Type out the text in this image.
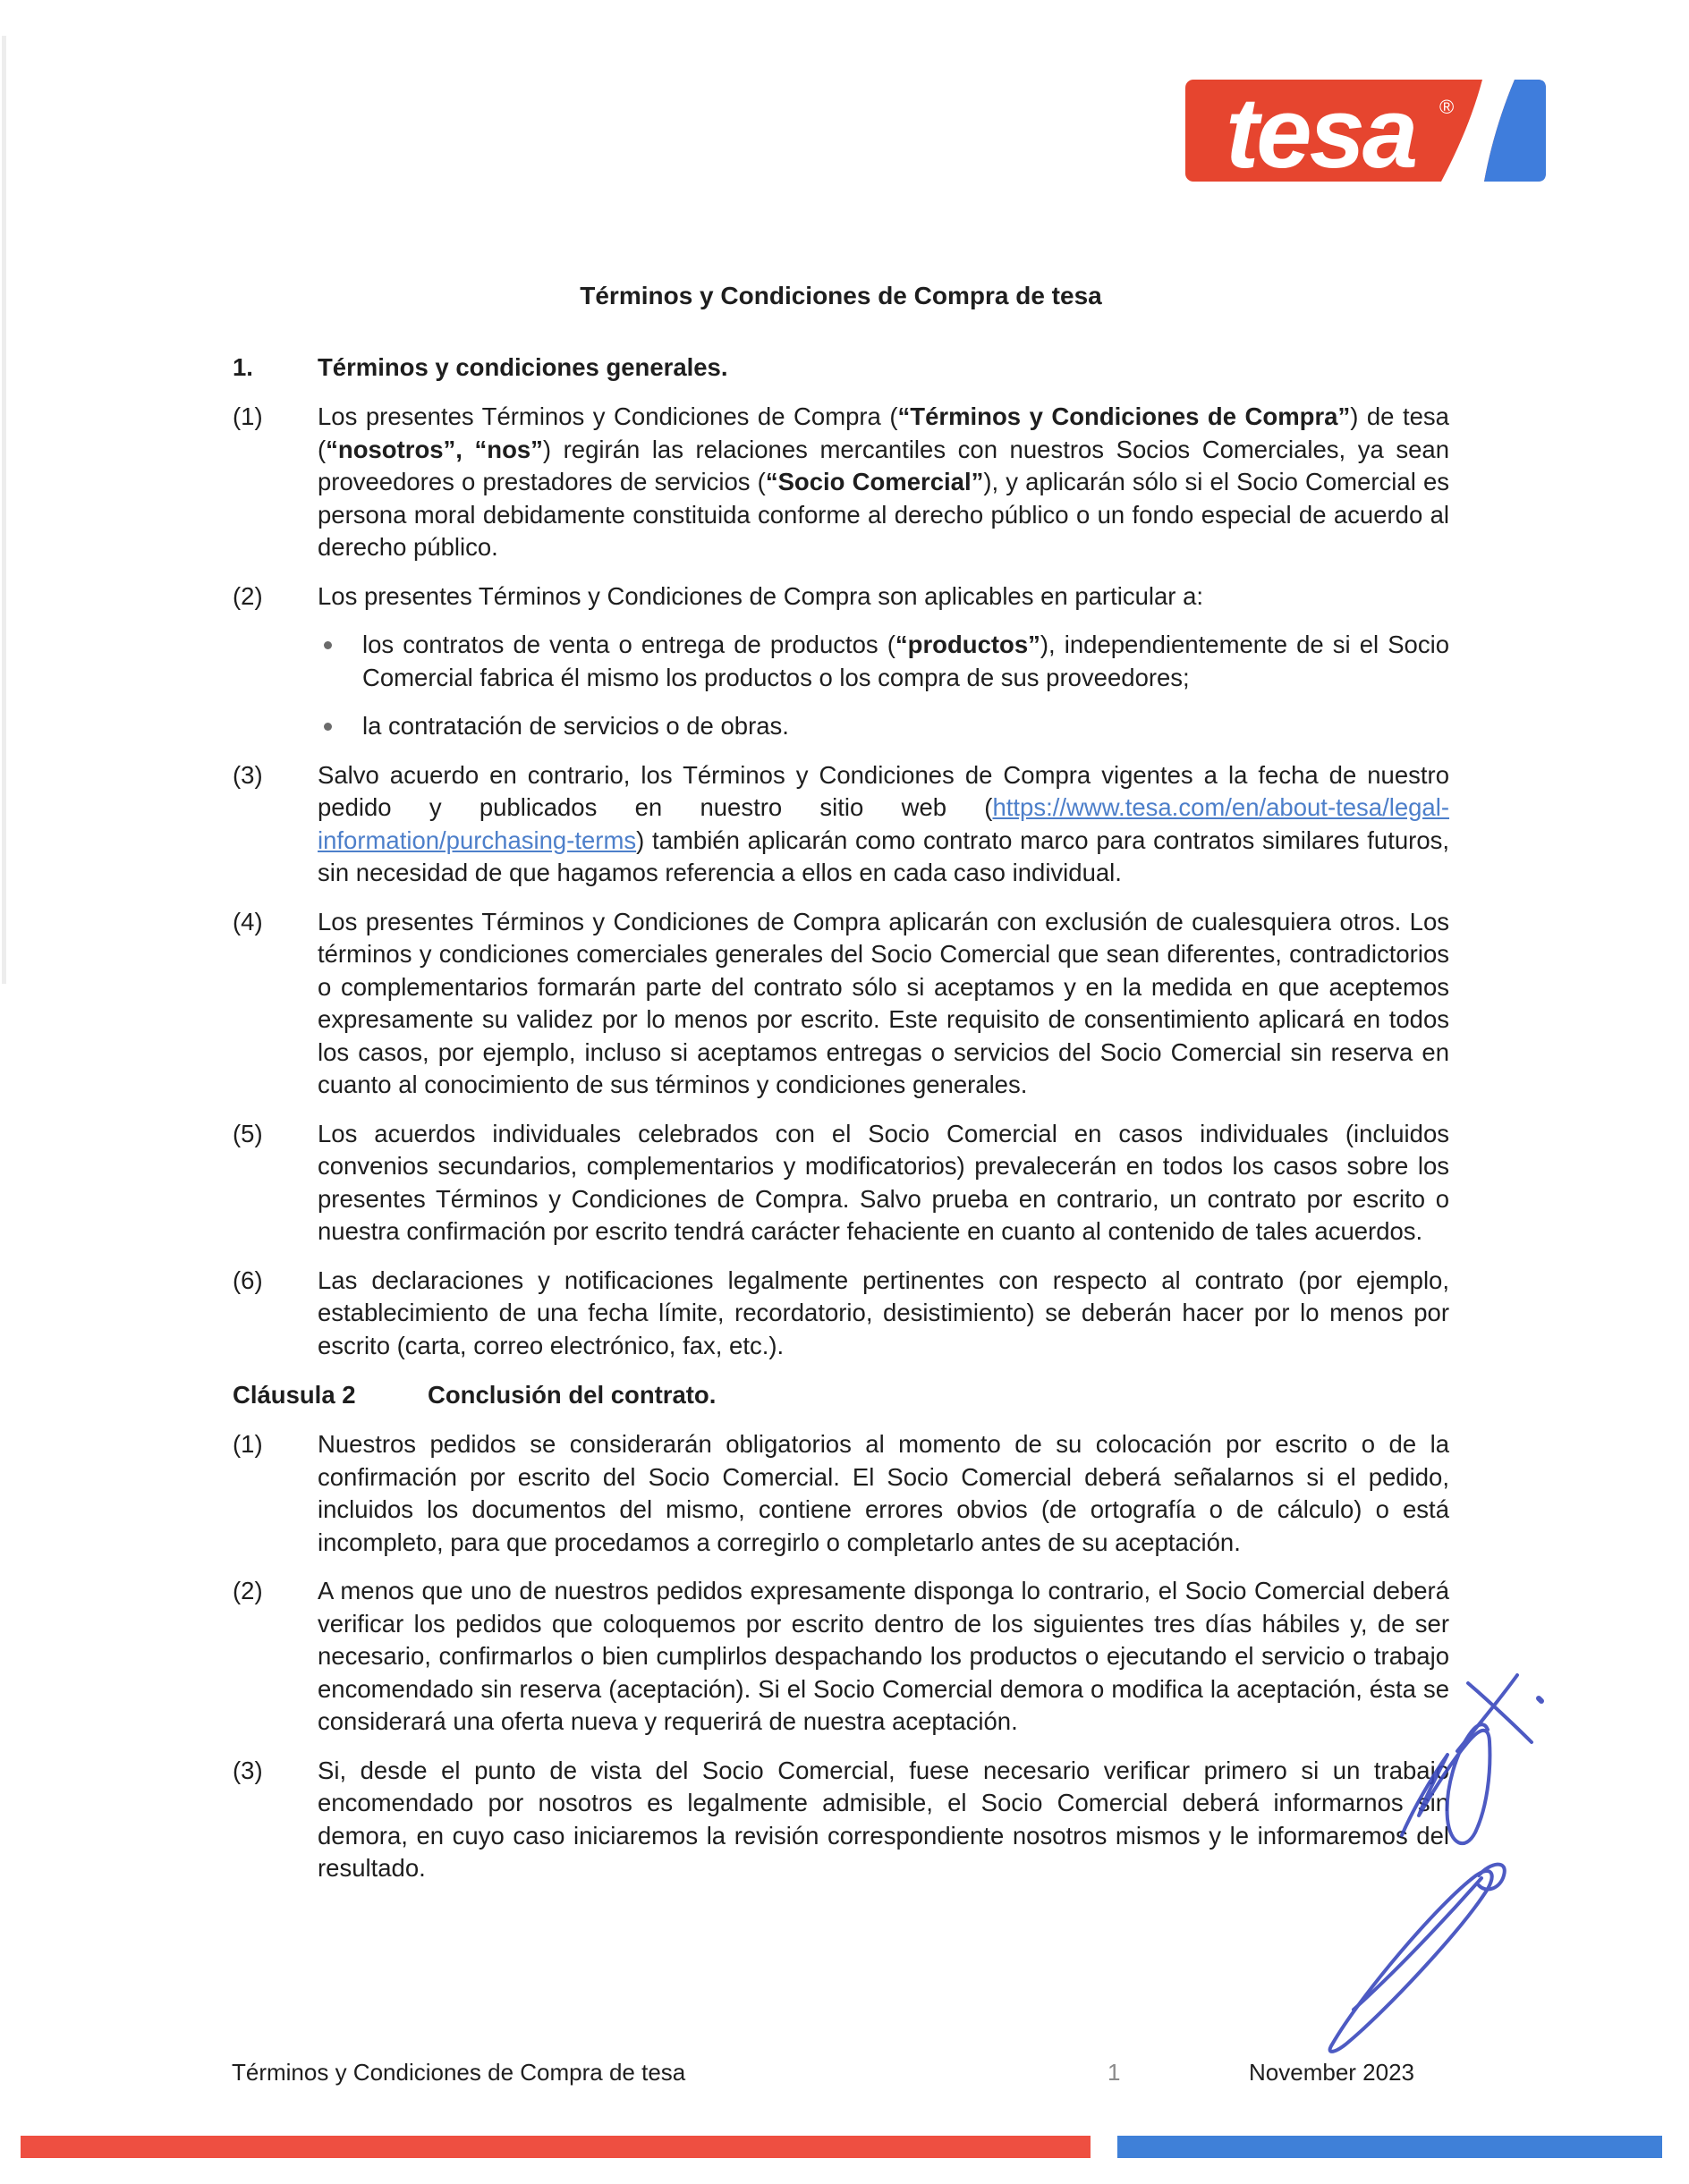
tesa ®
Términos y Condiciones de Compra de tesa
1.	Términos y condiciones generales.
(1)	Los presentes Términos y Condiciones de Compra (“Términos y Condiciones de Compra”) de tesa (“nosotros”, “nos”) regirán las relaciones mercantiles con nuestros Socios Comerciales, ya sean proveedores o prestadores de servicios (“Socio Comercial”), y aplicarán sólo si el Socio Comercial es persona moral debidamente constituida conforme al derecho público o un fondo especial de acuerdo al derecho público.
(2)	Los presentes Términos y Condiciones de Compra son aplicables en particular a:
los contratos de venta o entrega de productos (“productos”), independientemente de si el Socio Comercial fabrica él mismo los productos o los compra de sus proveedores;
la contratación de servicios o de obras.
(3)	Salvo acuerdo en contrario, los Términos y Condiciones de Compra vigentes a la fecha de nuestro pedido y publicados en nuestro sitio web (https://www.tesa.com/en/about-tesa/legal-information/purchasing-terms) también aplicarán como contrato marco para contratos similares futuros, sin necesidad de que hagamos referencia a ellos en cada caso individual.
(4)	Los presentes Términos y Condiciones de Compra aplicarán con exclusión de cualesquiera otros. Los términos y condiciones comerciales generales del Socio Comercial que sean diferentes, contradictorios o complementarios formarán parte del contrato sólo si aceptamos y en la medida en que aceptemos expresamente su validez por lo menos por escrito. Este requisito de consentimiento aplicará en todos los casos, por ejemplo, incluso si aceptamos entregas o servicios del Socio Comercial sin reserva en cuanto al conocimiento de sus términos y condiciones generales.
(5)	Los acuerdos individuales celebrados con el Socio Comercial en casos individuales (incluidos convenios secundarios, complementarios y modificatorios) prevalecerán en todos los casos sobre los presentes Términos y Condiciones de Compra. Salvo prueba en contrario, un contrato por escrito o nuestra confirmación por escrito tendrá carácter fehaciente en cuanto al contenido de tales acuerdos.
(6)	Las declaraciones y notificaciones legalmente pertinentes con respecto al contrato (por ejemplo, establecimiento de una fecha límite, recordatorio, desistimiento) se deberán hacer por lo menos por escrito (carta, correo electrónico, fax, etc.).
Cláusula 2	Conclusión del contrato.
(1)	Nuestros pedidos se considerarán obligatorios al momento de su colocación por escrito o de la confirmación por escrito del Socio Comercial. El Socio Comercial deberá señalarnos si el pedido, incluidos los documentos del mismo, contiene errores obvios (de ortografía o de cálculo) o está incompleto, para que procedamos a corregirlo o completarlo antes de su aceptación.
(2)	A menos que uno de nuestros pedidos expresamente disponga lo contrario, el Socio Comercial deberá verificar los pedidos que coloquemos por escrito dentro de los siguientes tres días hábiles y, de ser necesario, confirmarlos o bien cumplirlos despachando los productos o ejecutando el servicio o trabajo encomendado sin reserva (aceptación). Si el Socio Comercial demora o modifica la aceptación, ésta se considerará una oferta nueva y requerirá de nuestra aceptación.
(3)	Si, desde el punto de vista del Socio Comercial, fuese necesario verificar primero si un trabajo encomendado por nosotros es legalmente admisible, el Socio Comercial deberá informarnos sin demora, en cuyo caso iniciaremos la revisión correspondiente nosotros mismos y le informaremos del resultado.
Términos y Condiciones de Compra de tesa	1	November 2023
